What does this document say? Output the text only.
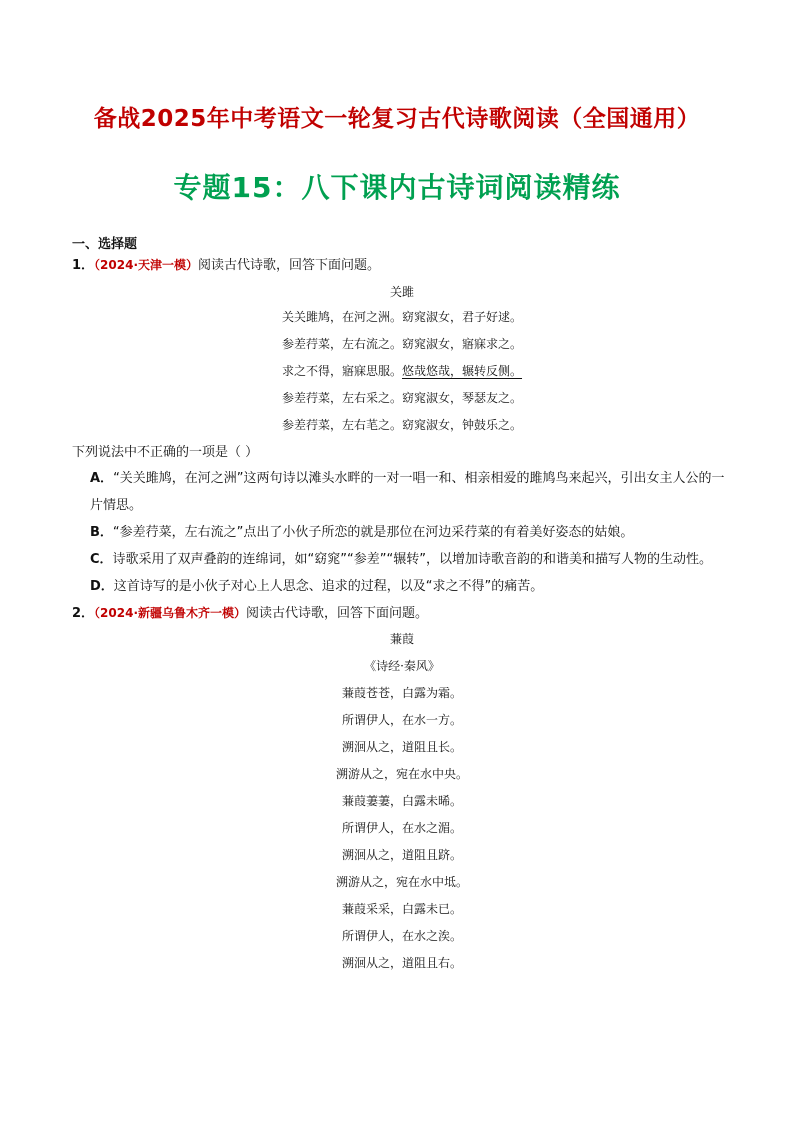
备战2025年中考语文一轮复习古代诗歌阅读（全国通用）
专题15：八下课内古诗词阅读精练
一、选择题
1．（2024·天津一模）阅读古代诗歌，回答下面问题。
关雎
关关雎鸠，在河之洲。窈窕淑女，君子好逑。
参差荇菜，左右流之。窈窕淑女，寤寐求之。
求之不得，寤寐思服。悠哉悠哉，辗转反侧。
参差荇菜，左右采之。窈窕淑女，琴瑟友之。
参差荇菜，左右芼之。窈窕淑女，钟鼓乐之。
下列说法中不正确的一项是（ ）
A．“关关雎鸠，在河之洲”这两句诗以滩头水畔的一对一唱一和、相亲相爱的雎鸠鸟来起兴，引出女主人公的一片情思。
B．“参差荇菜，左右流之”点出了小伙子所恋的就是那位在河边采荇菜的有着美好姿态的姑娘。
C．诗歌采用了双声叠韵的连绵词，如“窈窕”“参差”“辗转”，以增加诗歌音韵的和谐美和描写人物的生动性。
D．这首诗写的是小伙子对心上人思念、追求的过程，以及“求之不得”的痛苦。
2．（2024·新疆乌鲁木齐一模）阅读古代诗歌，回答下面问题。
蒹葭
《诗经·秦风》
蒹葭苍苍，白露为霜。
所谓伊人，在水一方。
溯洄从之，道阻且长。
溯游从之，宛在水中央。
蒹葭萋萋，白露未晞。
所谓伊人，在水之湄。
溯洄从之，道阻且跻。
溯游从之，宛在水中坻。
蒹葭采采，白露未已。
所谓伊人，在水之涘。
溯洄从之，道阻且右。
